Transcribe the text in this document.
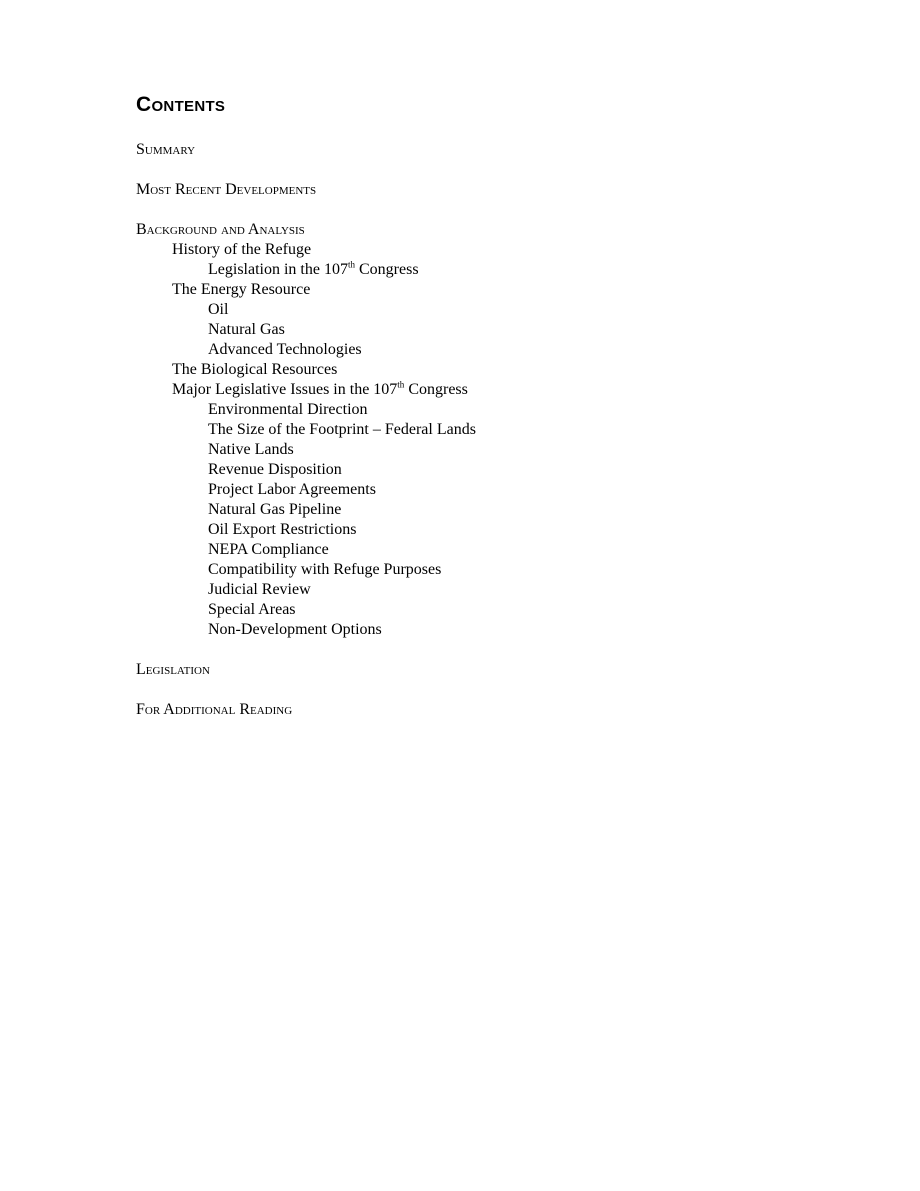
Contents
Summary
Most Recent Developments
Background and Analysis
History of the Refuge
Legislation in the 107th Congress
The Energy Resource
Oil
Natural Gas
Advanced Technologies
The Biological Resources
Major Legislative Issues in the 107th Congress
Environmental Direction
The Size of the Footprint – Federal Lands
Native Lands
Revenue Disposition
Project Labor Agreements
Natural Gas Pipeline
Oil Export Restrictions
NEPA Compliance
Compatibility with Refuge Purposes
Judicial Review
Special Areas
Non-Development Options
Legislation
For Additional Reading
